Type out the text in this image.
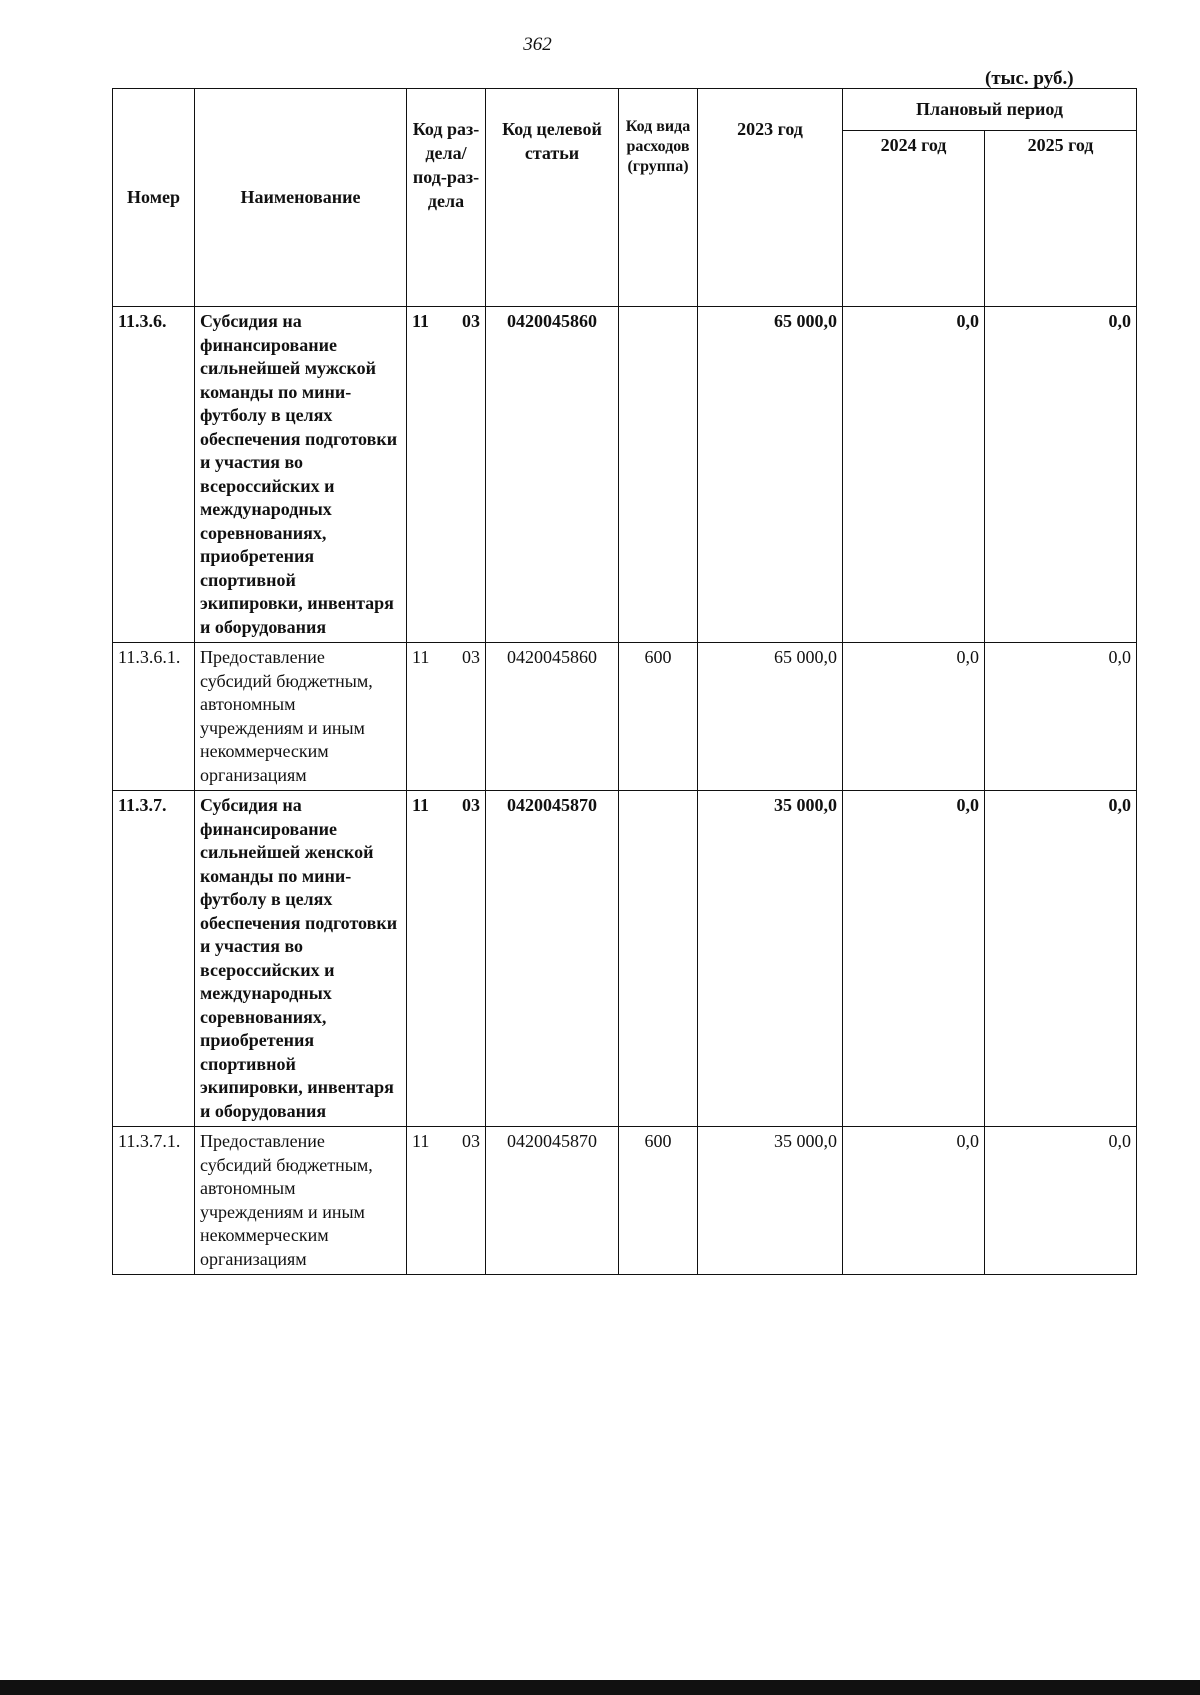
362
(тыс. руб.)
Номер	Наименование	Код раз-дела/под-раз-дела	Код целевой статьи	Код вида расходов (группа)	2023 год	Плановый период	
						2024 год	2025 год
11.3.6.	Субсидия на финансирование сильнейшей мужской команды по мини-футболу в целях обеспечения подготовки и участия во всероссийских и международных соревнованиях, приобретения спортивной экипировки, инвентаря и оборудования	11 03	0420045860		65 000,0	0,0	0,0
11.3.6.1.	Предоставление субсидий бюджетным, автономным учреждениям и иным некоммерческим организациям	11 03	0420045860	600	65 000,0	0,0	0,0
11.3.7.	Субсидия на финансирование сильнейшей женской команды по мини-футболу в целях обеспечения подготовки и участия во всероссийских и международных соревнованиях, приобретения спортивной экипировки, инвентаря и оборудования	11 03	0420045870		35 000,0	0,0	0,0
11.3.7.1.	Предоставление субсидий бюджетным, автономным учреждениям и иным некоммерческим организациям	11 03	0420045870	600	35 000,0	0,0	0,0
